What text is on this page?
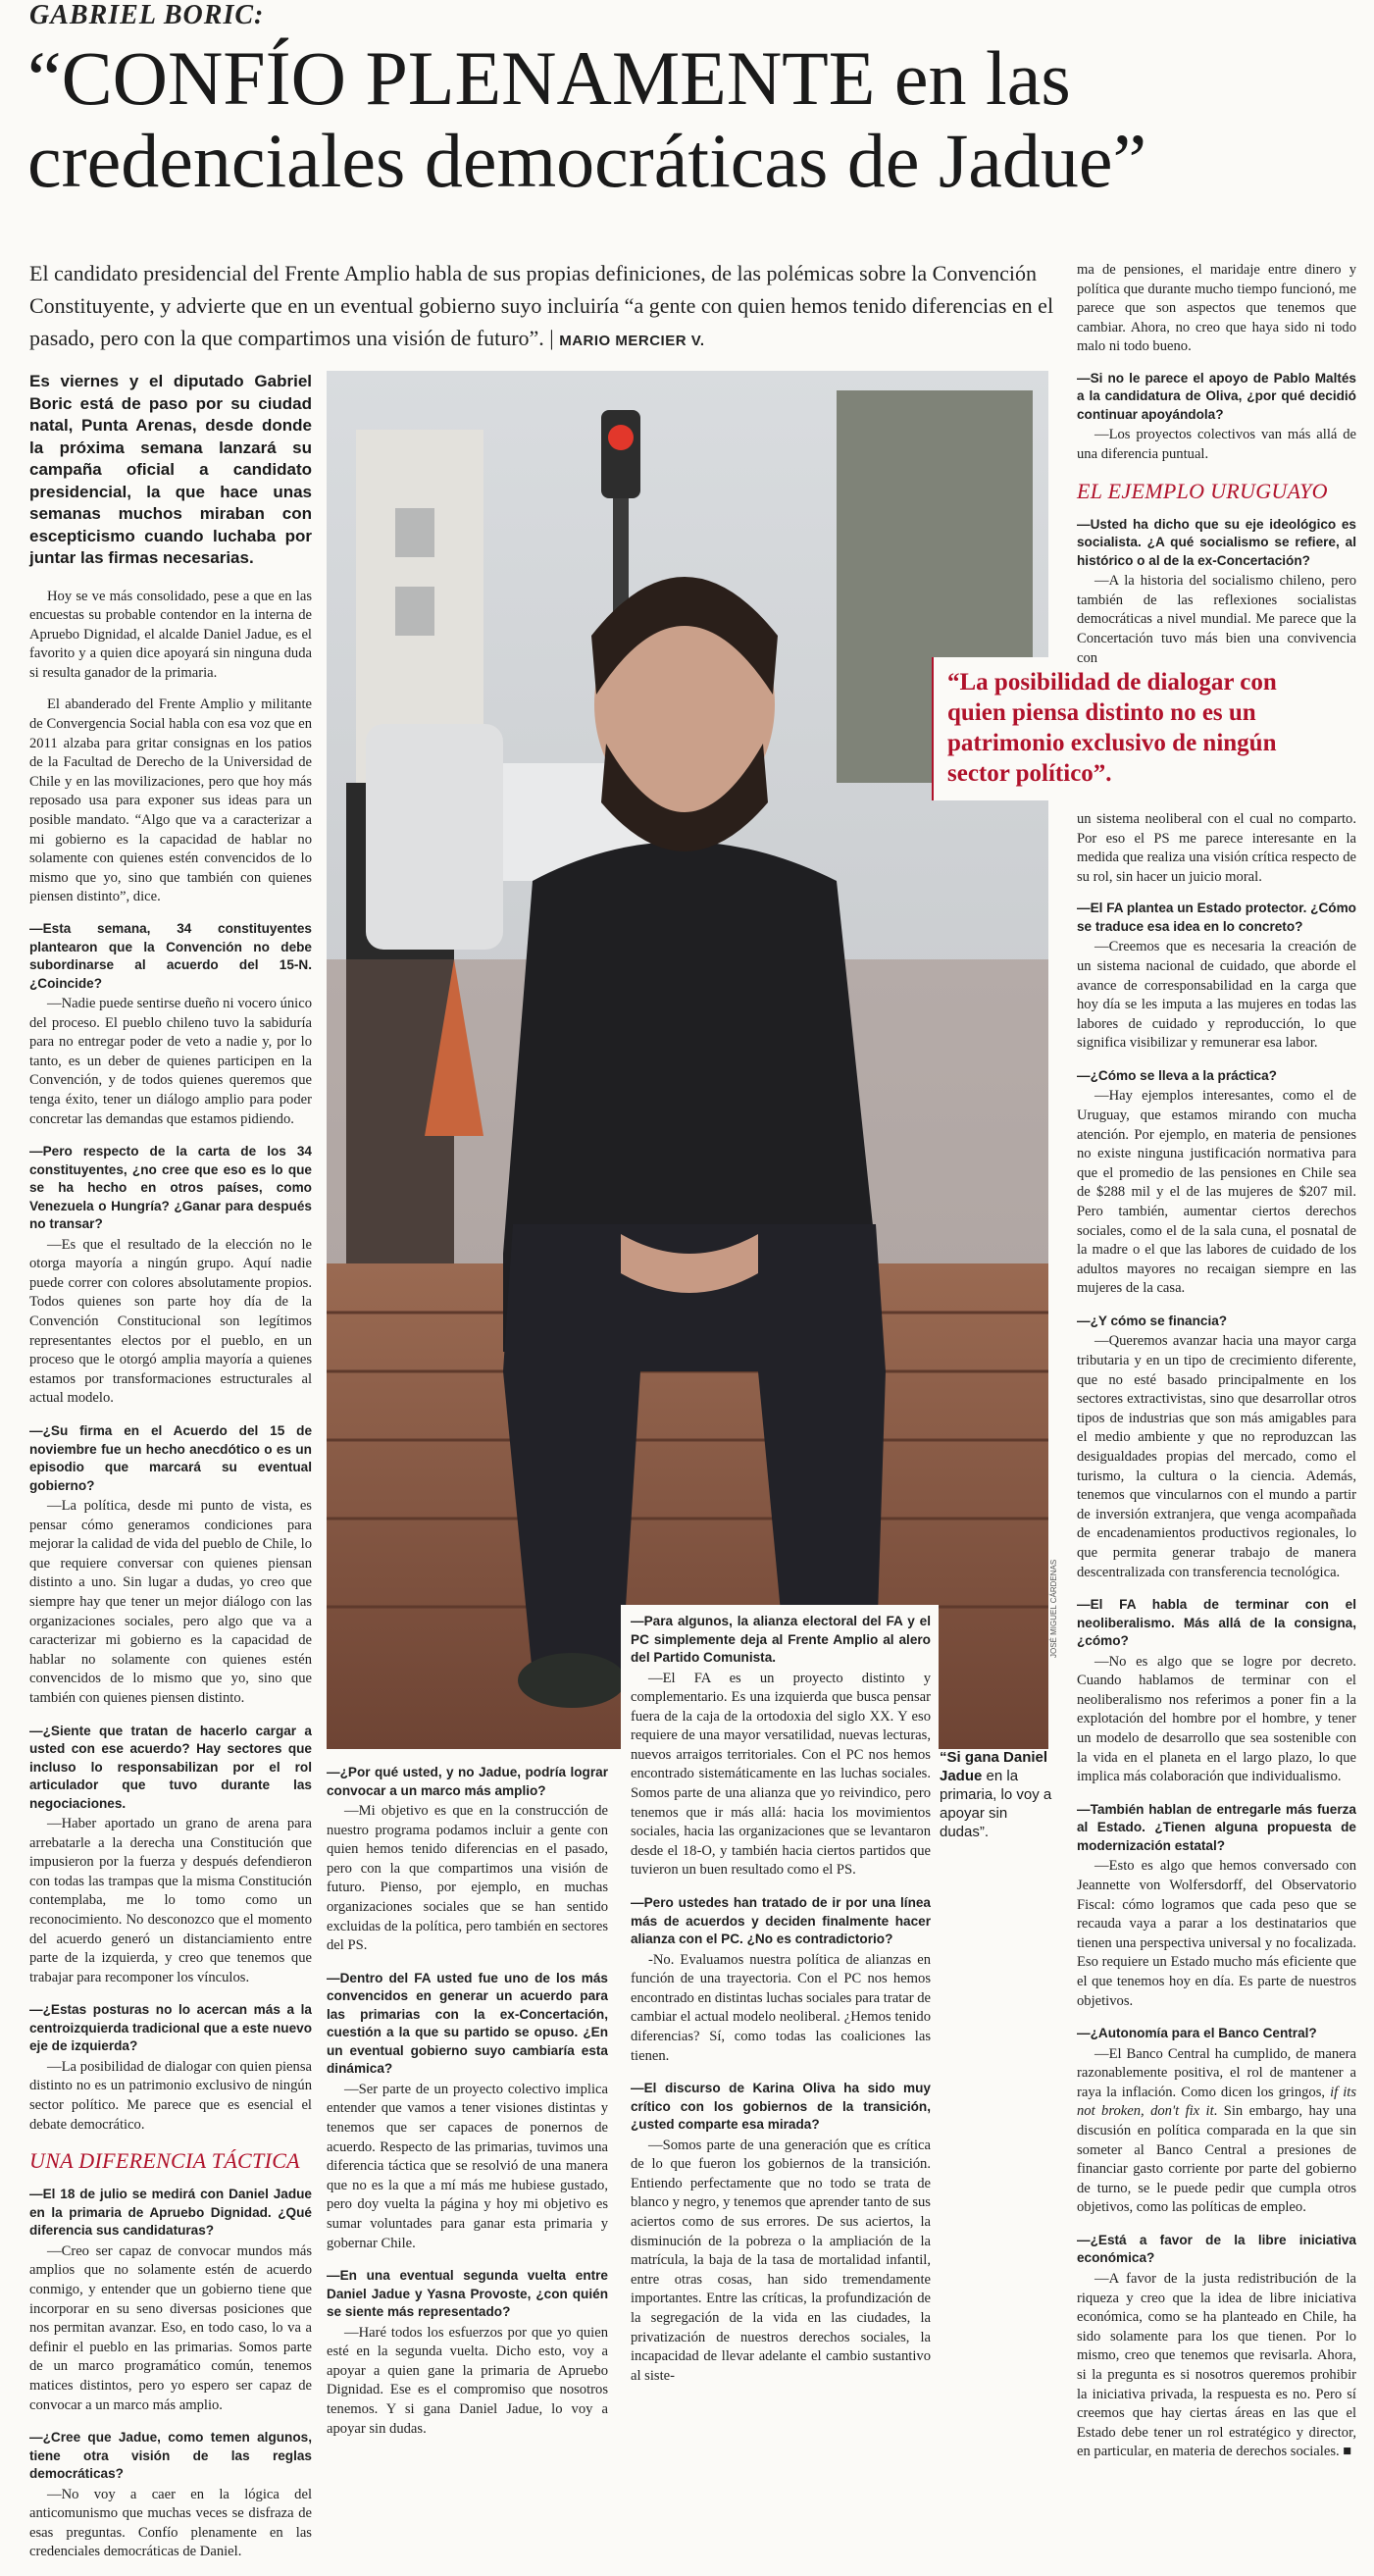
GABRIEL BORIC:
“CONFÍO PLENAMENTE en las credenciales democráticas de Jadue”
El candidato presidencial del Frente Amplio habla de sus propias definiciones, de las polémicas sobre la Convención Constituyente, y advierte que en un eventual gobierno suyo incluiría “a gente con quien hemos tenido diferencias en el pasado, pero con la que compartimos una visión de futuro”. | MARIO MERCIER V.
Es viernes y el diputado Gabriel Boric está de paso por su ciudad natal, Punta Arenas, desde donde la próxima semana lanzará su campaña oficial a candidato presidencial, la que hace unas semanas muchos miraban con escepticismo cuando luchaba por juntar las firmas necesarias.

Hoy se ve más consolidado, pese a que en las encuestas su probable contendor en la interna de Apruebo Dignidad, el alcalde Daniel Jadue, es el favorito y a quien dice apoyará sin ninguna duda si resulta ganador de la primaria.

El abanderado del Frente Amplio y militante de Convergencia Social habla con esa voz que en 2011 alzaba para gritar consignas en los patios de la Facultad de Derecho de la Universidad de Chile y en las movilizaciones, pero que hoy más reposado usa para exponer sus ideas para un posible mandato. “Algo que va a caracterizar a mi gobierno es la capacidad de hablar no solamente con quienes estén convencidos de lo mismo que yo, sino que también con quienes piensen distinto”, dice.

—Esta semana, 34 constituyentes plantearon que la Convención no debe subordinarse al acuerdo del 15-N. ¿Coincide?

—Nadie puede sentirse dueño ni vocero único del proceso. El pueblo chileno tuvo la sabiduría para no entregar poder de veto a nadie y, por lo tanto, es un deber de quienes participen en la Convención, y de todos quienes queremos que tenga éxito, tener un diálogo amplio para poder concretar las demandas que estamos pidiendo.

—Pero respecto de la carta de los 34 constituyentes, ¿no cree que eso es lo que se ha hecho en otros países, como Venezuela o Hungría? ¿Ganar para después no transar?

—Es que el resultado de la elección no le otorga mayoría a ningún grupo. Aquí nadie puede correr con colores absolutamente propios. Todos quienes son parte hoy día de la Convención Constitucional son legítimos representantes electos por el pueblo, en un proceso que le otorgó amplia mayoría a quienes estamos por transformaciones estructurales al actual modelo.

—¿Su firma en el Acuerdo del 15 de noviembre fue un hecho anecdótico o es un episodio que marcará su eventual gobierno?

—La política, desde mi punto de vista, es pensar cómo generamos condiciones para mejorar la calidad de vida del pueblo de Chile, lo que requiere conversar con quienes piensan distinto a uno. Sin lugar a dudas, yo creo que siempre hay que tener un mejor diálogo con las organizaciones sociales, pero algo que va a caracterizar mi gobierno es la capacidad de hablar no solamente con quienes estén convencidos de lo mismo que yo, sino que también con quienes piensen distinto.

—¿Siente que tratan de hacerlo cargar a usted con ese acuerdo? Hay sectores que incluso lo responsabilizan por el rol articulador que tuvo durante las negociaciones.

—Haber aportado un grano de arena para arrebatarle a la derecha una Constitución que impusieron por la fuerza y después defendieron con todas las trampas que la misma Constitución contemplaba, me lo tomo como un reconocimiento. No desconozco que el momento del acuerdo generó un distanciamiento entre parte de la izquierda, y creo que tenemos que trabajar para recomponer los vínculos.

—¿Estas posturas no lo acercan más a la centroizquierda tradicional que a este nuevo eje de izquierda?

—La posibilidad de dialogar con quien piensa distinto no es un patrimonio exclusivo de ningún sector político. Me parece que es esencial el debate democrático.

UNA DIFERENCIA TÁCTICA

—El 18 de julio se medirá con Daniel Jadue en la primaria de Apruebo Dignidad. ¿Qué diferencia sus candidaturas?

—Creo ser capaz de convocar mundos más amplios que no solamente estén de acuerdo conmigo, y entender que un gobierno tiene que incorporar en su seno diversas posiciones que nos permitan avanzar. Eso, en todo caso, lo va a definir el pueblo en las primarias. Somos parte de un marco programático común, tenemos matices distintos, pero yo espero ser capaz de convocar a un marco más amplio.

—¿Cree que Jadue, como temen algunos, tiene otra visión de las reglas democráticas?

—No voy a caer en la lógica del anticomunismo que muchas veces se disfraza de esas preguntas. Confío plenamente en las credenciales democráticas de Daniel.

“La posibilidad de dialogar con quien piensa distinto no es un patrimonio exclusivo de ningún sector político”.
JOSÉ MIGUEL CÁRDENAS
“Si gana Daniel Jadue en la primaria, lo voy a apoyar sin dudas”.

—¿Por qué usted, y no Jadue, podría lograr convocar a un marco más amplio?

—Mi objetivo es que en la construcción de nuestro programa podamos incluir a gente con quien hemos tenido diferencias en el pasado, pero con la que compartimos una visión de futuro. Pienso, por ejemplo, en muchas organizaciones sociales que se han sentido excluidas de la política, pero también en sectores del PS.

—Dentro del FA usted fue uno de los más convencidos en generar un acuerdo para las primarias con la ex-Concertación, cuestión a la que su partido se opuso. ¿En un eventual gobierno suyo cambiaría esta dinámica?

—Ser parte de un proyecto colectivo implica entender que vamos a tener visiones distintas y tenemos que ser capaces de ponernos de acuerdo. Respecto de las primarias, tuvimos una diferencia táctica que se resolvió de una manera que no es la que a mí más me hubiese gustado, pero doy vuelta la página y hoy mi objetivo es sumar voluntades para ganar esta primaria y gobernar Chile.

—En una eventual segunda vuelta entre Daniel Jadue y Yasna Provoste, ¿con quién se siente más representado?

—Haré todos los esfuerzos por que yo quien esté en la segunda vuelta. Dicho esto, voy a apoyar a quien gane la primaria de Apruebo Dignidad. Ese es el compromiso que nosotros tenemos. Y si gana Daniel Jadue, lo voy a apoyar sin dudas.

—Para algunos, la alianza electoral del FA y el PC simplemente deja al Frente Amplio al alero del Partido Comunista.

—El FA es un proyecto distinto y complementario. Es una izquierda que busca pensar fuera de la caja de la ortodoxia del siglo XX. Y eso requiere de una mayor versatilidad, nuevas lecturas, nuevos arraigos territoriales. Con el PC nos hemos encontrado sistemáticamente en las luchas sociales. Somos parte de una alianza que yo reivindico, pero tenemos que ir más allá: hacia los movimientos sociales, hacia las organizaciones que se levantaron desde el 18-O, y también hacia ciertos partidos que tuvieron un buen resultado como el PS.

—Pero ustedes han tratado de ir por una línea más de acuerdos y deciden finalmente hacer alianza con el PC. ¿No es contradictorio?

-No. Evaluamos nuestra política de alianzas en función de una trayectoria. Con el PC nos hemos encontrado en distintas luchas sociales para tratar de cambiar el actual modelo neoliberal. ¿Hemos tenido diferencias? Sí, como todas las coaliciones las tienen.

—El discurso de Karina Oliva ha sido muy crítico con los gobiernos de la transición, ¿usted comparte esa mirada?

—Somos parte de una generación que es crítica de lo que fueron los gobiernos de la transición. Entiendo perfectamente que no todo se trata de blanco y negro, y tenemos que aprender tanto de sus aciertos como de sus errores. De sus aciertos, la disminución de la pobreza o la ampliación de la matrícula, la baja de la tasa de mortalidad infantil, entre otras cosas, han sido tremendamente importantes. Entre las críticas, la profundización de la segregación de la vida en las ciudades, la privatización de nuestros derechos sociales, la incapacidad de llevar adelante el cambio sustantivo al siste-

ma de pensiones, el maridaje entre dinero y política que durante mucho tiempo funcionó, me parece que son aspectos que tenemos que cambiar. Ahora, no creo que haya sido ni todo malo ni todo bueno.

—Si no le parece el apoyo de Pablo Maltés a la candidatura de Oliva, ¿por qué decidió continuar apoyándola?

—Los proyectos colectivos van más allá de una diferencia puntual.

EL EJEMPLO URUGUAYO

—Usted ha dicho que su eje ideológico es socialista. ¿A qué socialismo se refiere, al histórico o al de la ex-Concertación?

—A la historia del socialismo chileno, pero también de las reflexiones socialistas democráticas a nivel mundial. Me parece que la Concertación tuvo más bien una convivencia con

un sistema neoliberal con el cual no comparto. Por eso el PS me parece interesante en la medida que realiza una visión crítica respecto de su rol, sin hacer un juicio moral.

—El FA plantea un Estado protector. ¿Cómo se traduce esa idea en lo concreto?

—Creemos que es necesaria la creación de un sistema nacional de cuidado, que aborde el avance de corresponsabilidad en la carga que hoy día se les imputa a las mujeres en todas las labores de cuidado y reproducción, lo que significa visibilizar y remunerar esa labor.

—¿Cómo se lleva a la práctica?

—Hay ejemplos interesantes, como el de Uruguay, que estamos mirando con mucha atención. Por ejemplo, en materia de pensiones no existe ninguna justificación normativa para que el promedio de las pensiones en Chile sea de $288 mil y el de las mujeres de $207 mil. Pero también, aumentar ciertos derechos sociales, como el de la sala cuna, el posnatal de la madre o el que las labores de cuidado de los adultos mayores no recaigan siempre en las mujeres de la casa.

—¿Y cómo se financia?

—Queremos avanzar hacia una mayor carga tributaria y en un tipo de crecimiento diferente, que no esté basado principalmente en los sectores extractivistas, sino que desarrollar otros tipos de industrias que son más amigables para el medio ambiente y que no reproduzcan las desigualdades propias del mercado, como el turismo, la cultura o la ciencia. Además, tenemos que vincularnos con el mundo a partir de inversión extranjera, que venga acompañada de encadenamientos productivos regionales, lo que permita generar trabajo de manera descentralizada con transferencia tecnológica.

—El FA habla de terminar con el neoliberalismo. Más allá de la consigna, ¿cómo?

—No es algo que se logre por decreto. Cuando hablamos de terminar con el neoliberalismo nos referimos a poner fin a la explotación del hombre por el hombre, y tener un modelo de desarrollo que sea sostenible con la vida en el planeta en el largo plazo, lo que implica más colaboración que individualismo.

—También hablan de entregarle más fuerza al Estado. ¿Tienen alguna propuesta de modernización estatal?

—Esto es algo que hemos conversado con Jeannette von Wolfersdorff, del Observatorio Fiscal: cómo logramos que cada peso que se recauda vaya a parar a los destinatarios que tienen una perspectiva universal y no focalizada. Eso requiere un Estado mucho más eficiente que el que tenemos hoy en día. Es parte de nuestros objetivos.

—¿Autonomía para el Banco Central?

—El Banco Central ha cumplido, de manera razonablemente positiva, el rol de mantener a raya la inflación. Como dicen los gringos, if its not broken, don't fix it. Sin embargo, hay una discusión en política comparada en la que sin someter al Banco Central a presiones de financiar gasto corriente por parte del gobierno de turno, se le puede pedir que cumpla otros objetivos, como las políticas de empleo.

—¿Está a favor de la libre iniciativa económica?

—A favor de la justa redistribución de la riqueza y creo que la idea de libre iniciativa económica, como se ha planteado en Chile, ha sido solamente para los que tienen. Por lo mismo, creo que tenemos que revisarla. Ahora, si la pregunta es si nosotros queremos prohibir la iniciativa privada, la respuesta es no. Pero sí creemos que hay ciertas áreas en las que el Estado debe tener un rol estratégico y director, en particular, en materia de derechos sociales. ■
